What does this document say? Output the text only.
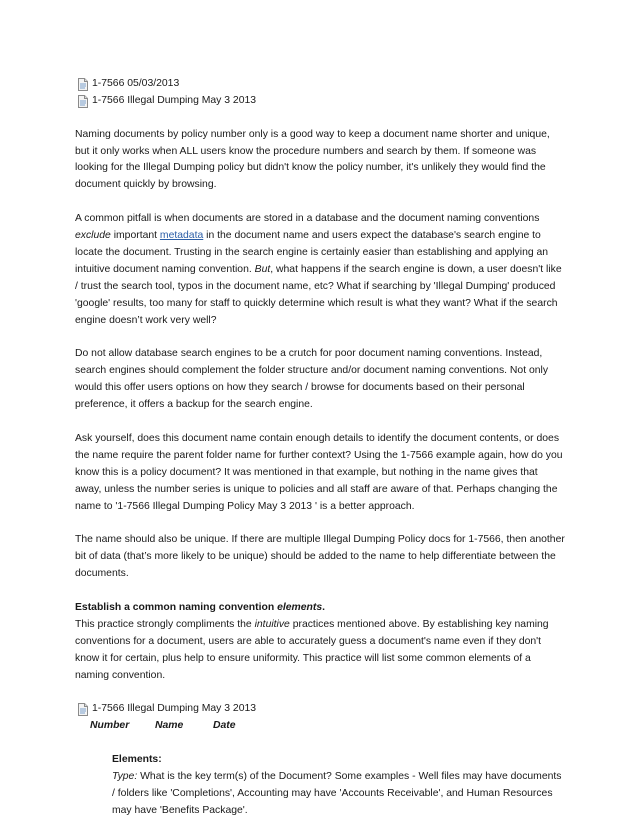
1-7566 05/03/2013
1-7566 Illegal Dumping May 3 2013

Naming documents by policy number only is a good way to keep a document name shorter and unique, but it only works when ALL users know the procedure numbers and search by them. If someone was looking for the Illegal Dumping policy but didn't know the policy number, it's unlikely they would find the document quickly by browsing.

A common pitfall is when documents are stored in a database and the document naming conventions exclude important metadata in the document name and users expect the database's search engine to locate the document. Trusting in the search engine is certainly easier than establishing and applying an intuitive document naming convention. But, what happens if the search engine is down, a user doesn't like / trust the search tool, typos in the document name, etc? What if searching by 'Illegal Dumping' produced 'google' results, too many for staff to quickly determine which result is what they want? What if the search engine doesn’t work very well?

Do not allow database search engines to be a crutch for poor document naming conventions. Instead, search engines should complement the folder structure and/or document naming conventions. Not only would this offer users options on how they search / browse for documents based on their personal preference, it offers a backup for the search engine.

Ask yourself, does this document name contain enough details to identify the document contents, or does the name require the parent folder name for further context? Using the 1-7566 example again, how do you know this is a policy document? It was mentioned in that example, but nothing in the name gives that away, unless the number series is unique to policies and all staff are aware of that. Perhaps changing the name to '1-7566 Illegal Dumping Policy May 3 2013 ' is a better approach.

The name should also be unique. If there are multiple Illegal Dumping Policy docs for 1-7566, then another bit of data (that’s more likely to be unique) should be added to the name to help differentiate between the documents.

Establish a common naming convention elements.
This practice strongly compliments the intuitive practices mentioned above. By establishing key naming conventions for a document, users are able to accurately guess a document's name even if they don't know it for certain, plus help to ensure uniformity. This practice will list some common elements of a naming convention.

1-7566 Illegal Dumping May 3 2013
Number	Name	Date
Elements:
Type: What is the key term(s) of the Document? Some examples - Well files may have documents / folders like 'Completions', Accounting may have 'Accounts Receivable', and Human Resources may have 'Benefits Package'.
